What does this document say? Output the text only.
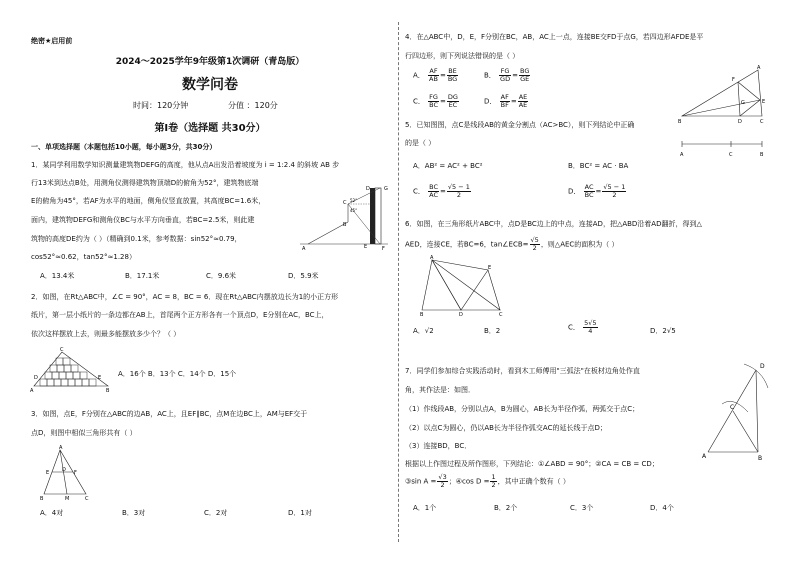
绝密★启用前
2024～2025学年9年级第1次调研（青岛版）
数学问卷
时间：120分钟	分值 ：120分
第Ⅰ卷（选择题 共30分）
一、单项选择题（本题包括10小题，每小题3分，共30分）
1．某同学利用数学知识测量建筑物DEFG的高度，他从点A出发沿着坡度为 i = 1:2.4 的斜坡 AB 步
行13米到达点B处，用测角仪测得建筑物顶端D的俯角为52°，建筑物底端
E的俯角为45°，若AF为水平的地面，侧角仪竖直放置，其高度BC=1.6米，
面内，建筑物DEFG和测角仪BC与水平方向垂直，若BC=2.5米，则此建
筑物的高度DE约为（ ）（精确到0.1米，参考数据：sin52°≈0.79，
cos52°≈0.62，tan52°≈1.28）
A．13.4米	B．17.1米	C．9.6米	D．5.9米
G
D
E	F
A
C
B
52°
45°
2．如图，在Rt△ABC中，∠C = 90°，AC = 8，BC = 6．现在Rt△ABC内摆放边长为1的小正方形
纸片，第一层小纸片的一条边都在AB上，首尾两个正方形各有一个顶点D，E分别在AC，BC上，
依次这样摆放上去，则最多能摆放多少个？（ ）
C
D	E
A	B
A．16个 B．13个 C．14个 D．15个
3．如图，点E，F分别在△ABC的边AB，AC上，且EF∥BC，点M在边BC上，AM与EF交于
点D，则图中相似三角形共有（ ）
A
E	D F
B	M	C
A．4对	B．3对	C．2对	D．1对
4．在△ABC中，D，E，F分别在BC，AB，AC上一点，连接BE交FD于点G，若四边形AFDE是平
行四边形，则下列说法错误的是（ ）
A． $\frac{AF}{AB} = \frac{BE}{BG}$	B． $\frac{FG}{GD} = \frac{BG}{GE}$
C． $\frac{FG}{BC} = \frac{DG}{EC}$	D． $\frac{AF}{BF} = \frac{AE}{AE}$
A
F
G	E
B	D	C
5．已知图图，点C是线段AB的黄金分割点（AC>BC），则下列结论中正确
的是（ ）
A	C	B
A．AB² = AC² + BC²	B．BC² = AC · BA
C． $\frac{BC}{AC} = \frac{√5 - 1}{2}$	D． $\frac{AC}{BC} = \frac{√5 - 1}{2}$
6．如图，在三角形纸片ABC中，点D是BC边上的中点，连接AD，把△ABD沿着AD翻折，得到△
AED，连接CE，若BC=6，tan∠ECB= $\frac{√5}{2}$ ，则△AEC的面积为（ ）
A
E
B	D	C
A．√2	B．2	C． $\frac{5√5}{4}$	D．2√5
7．同学们参加综合实践活动时，看到木工师傅用"三弧法"在板材边角处作直
角，其作法是：如图．
（1）作线段AB，分别以点A，B为圆心，AB长为半径作弧，两弧交于点C；
（2）以点C为圆心，仍以AB长为半径作弧交AC的延长线于点D；
（3）连接BD，BC．
根据以上作图过程及所作图形，下列结论：①∠ABD = 90°；②CA = CB = CD；
③sin $A = \frac{√3}{2}$ ；④cos $D = \frac{1}{2}$ ，其中正确个数有（ ）
A．1个	B．2个	C．3个	D．4个
D
C
A	B
